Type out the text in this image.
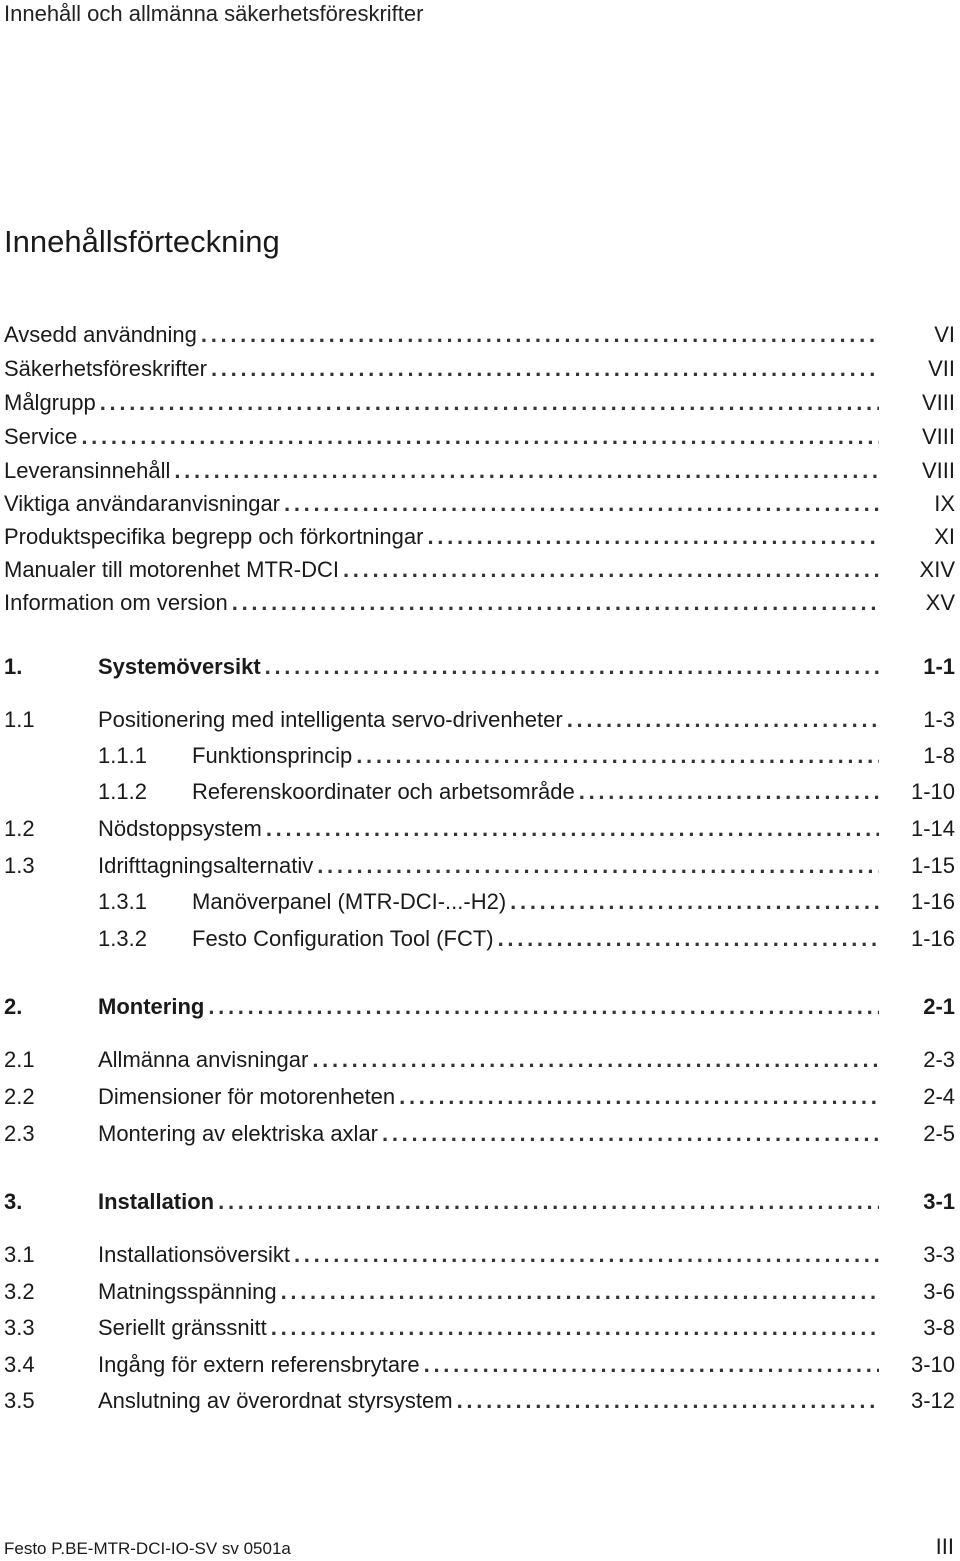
Innehåll och allmänna säkerhetsföreskrifter
Innehållsförteckning
Avsedd användning . . .	VI
Säkerhetsföreskrifter . . .	VII
Målgrupp . . .	VIII
Service . . .	VIII
Leveransinnehåll . . .	VIII
Viktiga användaranvisningar . . .	IX
Produktspecifika begrepp och förkortningar . . .	XI
Manualer till motorenhet MTR-DCI . . .	XIV
Information om version . . .	XV
1.	Systemöversikt . . .	1-1
1.1	Positionering med intelligenta servo-drivenheter . . .	1-3
1.1.1	Funktionsprincip . . .	1-8
1.1.2	Referenskoordinater och arbetsområde . . .	1-10
1.2	Nödstoppsystem . . .	1-14
1.3	Idrifttagningsalternativ . . .	1-15
1.3.1	Manöverpanel (MTR-DCI-...-H2) . . .	1-16
1.3.2	Festo Configuration Tool (FCT) . . .	1-16
2.	Montering . . .	2-1
2.1	Allmänna anvisningar . . .	2-3
2.2	Dimensioner för motorenheten . . .	2-4
2.3	Montering av elektriska axlar . . .	2-5
3.	Installation . . .	3-1
3.1	Installationsöversikt . . .	3-3
3.2	Matningsspänning . . .	3-6
3.3	Seriellt gränssnitt . . .	3-8
3.4	Ingång för extern referensbrytare . . .	3-10
3.5	Anslutning av överordnat styrsystem . . .	3-12
Festo P.BE-MTR-DCI-IO-SV sv 0501a	III
